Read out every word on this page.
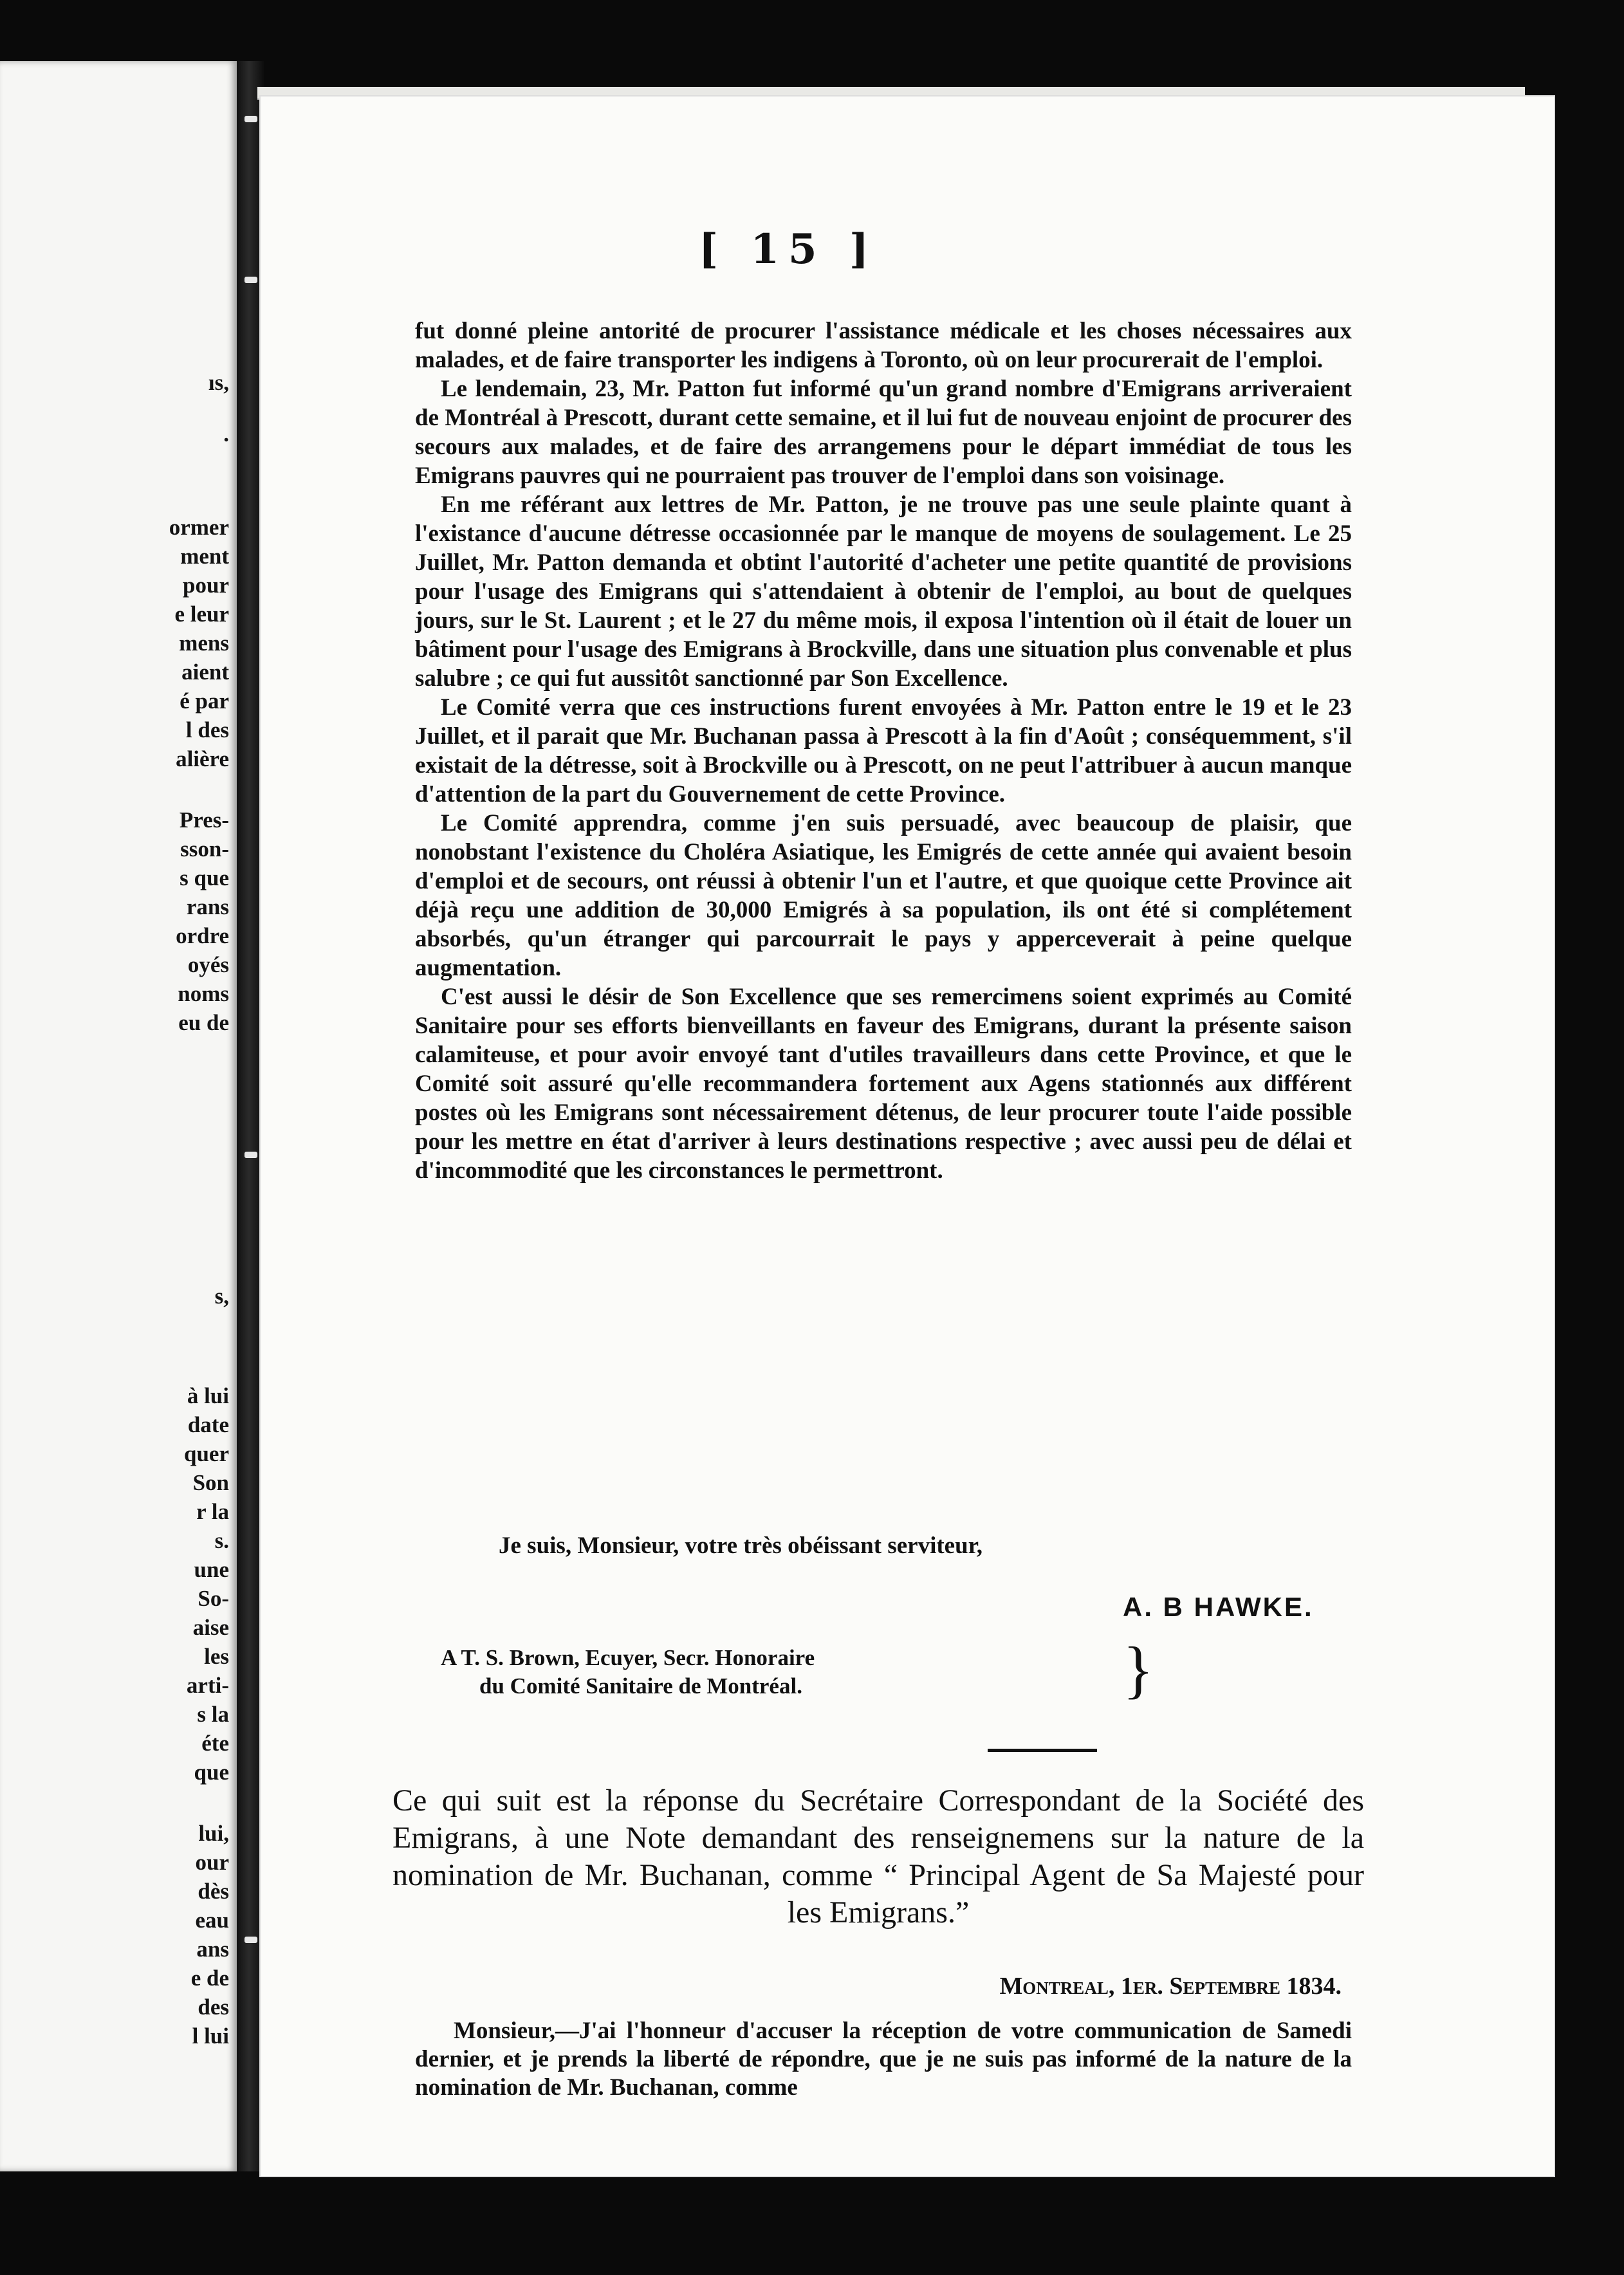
ıs,
.
ormer
ment
pour
e leur
mens
aient
é par
l des
alière
Pres-
sson-
s que
rans
ordre
oyés
noms
eu de
s,
à lui
date
quer
Son
r la
s.
une
So-
aise
les
arti-
s la
éte
que
lui,
our
dès
eau
ans
e de
des
l lui
[ 15 ]

fut donné pleine antorité de procurer l'assistance médicale et les choses nécessaires aux malades, et de faire transporter les indigens à Toronto, où on leur procurerait de l'emploi.

Le lendemain, 23, Mr. Patton fut informé qu'un grand nombre d'Emigrans arriveraient de Montréal à Prescott, durant cette semaine, et il lui fut de nouveau enjoint de procurer des secours aux malades, et de faire des arrangemens pour le départ immédiat de tous les Emigrans pauvres qui ne pourraient pas trouver de l'emploi dans son voisinage.

En me référant aux lettres de Mr. Patton, je ne trouve pas une seule plainte quant à l'existance d'aucune détresse occasionnée par le manque de moyens de soulagement. Le 25 Juillet, Mr. Patton demanda et obtint l'autorité d'acheter une petite quantité de provisions pour l'usage des Emigrans qui s'attendaient à obtenir de l'emploi, au bout de quelques jours, sur le St. Laurent ; et le 27 du même mois, il exposa l'intention où il était de louer un bâtiment pour l'usage des Emigrans à Brockville, dans une situation plus convenable et plus salubre ; ce qui fut aussitôt sanctionné par Son Excellence.

Le Comité verra que ces instructions furent envoyées à Mr. Patton entre le 19 et le 23 Juillet, et il parait que Mr. Buchanan passa à Prescott à la fin d'Août ; conséquemment, s'il existait de la détresse, soit à Brockville ou à Prescott, on ne peut l'attribuer à aucun manque d'attention de la part du Gouvernement de cette Province.

Le Comité apprendra, comme j'en suis persuadé, avec beaucoup de plaisir, que nonobstant l'existence du Choléra Asiatique, les Emigrés de cette année qui avaient besoin d'emploi et de secours, ont réussi à obtenir l'un et l'autre, et que quoique cette Province ait déjà reçu une addition de 30,000 Emigrés à sa population, ils ont été si complétement absorbés, qu'un étranger qui parcourrait le pays y apperceverait à peine quelque augmentation.

C'est aussi le désir de Son Excellence que ses remercimens soient exprimés au Comité Sanitaire pour ses efforts bienveillants en faveur des Emigrans, durant la présente saison calamiteuse, et pour avoir envoyé tant d'utiles travailleurs dans cette Province, et que le Comité soit assuré qu'elle recommandera fortement aux Agens stationnés aux différent postes où les Emigrans sont nécessairement détenus, de leur procurer toute l'aide possible pour les mettre en état d'arriver à leurs destinations respective ; avec aussi peu de délai et d'incommodité que les circonstances le permettront.

Je suis, Monsieur, votre très obéissant serviteur,
A. B HAWKE.
A T. S. Brown, Ecuyer, Secr. Honoraire
du Comité Sanitaire de Montréal.	}
Ce qui suit est la réponse du Secrétaire Correspondant de la Société des Emigrans, à une Note demandant des renseignemens sur la nature de la nomination de Mr. Buchanan, comme “ Principal Agent de Sa Majesté pour les Emigrans.”
Montreal, 1er. Septembre 1834.
Monsieur,—J'ai l'honneur d'accuser la réception de votre communication de Samedi dernier, et je prends la liberté de répondre, que je ne suis pas informé de la nature de la nomination de Mr. Buchanan, comme
